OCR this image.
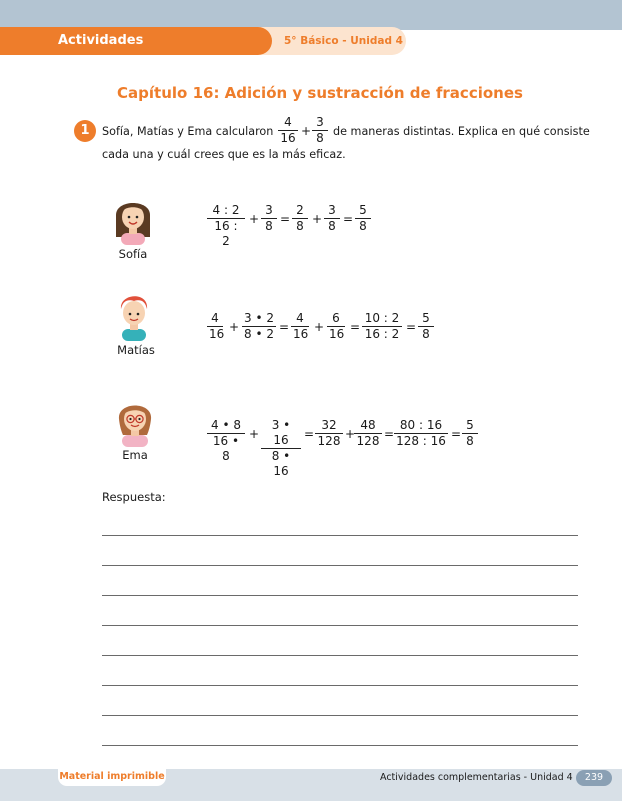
5° Básico - Unidad 4
Actividades complementarias
Capítulo 16: Adición y sustracción de fracciones
1	Sofía, Matías y Ema calcularon $\frac{4}{16} + \frac{3}{8}$ de maneras distintas. Explica en qué consiste
cada una y cuál crees que es la más eficaz.
Sofía
$\frac{4 : 2}{16 : 2} + \frac{3}{8} = \frac{2}{8} + \frac{3}{8} = \frac{5}{8}$
Matías
$\frac{4}{16} + \frac{3 • 2}{8 • 2} = \frac{4}{16} + \frac{6}{16} = \frac{10 : 2}{16 : 2} = \frac{5}{8}$
Ema	$\frac{4 • 8}{16 • 8} + \frac{3 • 16}{8 • 16} = \frac{32}{128}$ +
$\frac{48}{128} = \frac{80 : 16}{128 : 16} = \frac{5}{8}$
Respuesta:
Material imprimible	Actividades complementarias - Unidad 4	239
